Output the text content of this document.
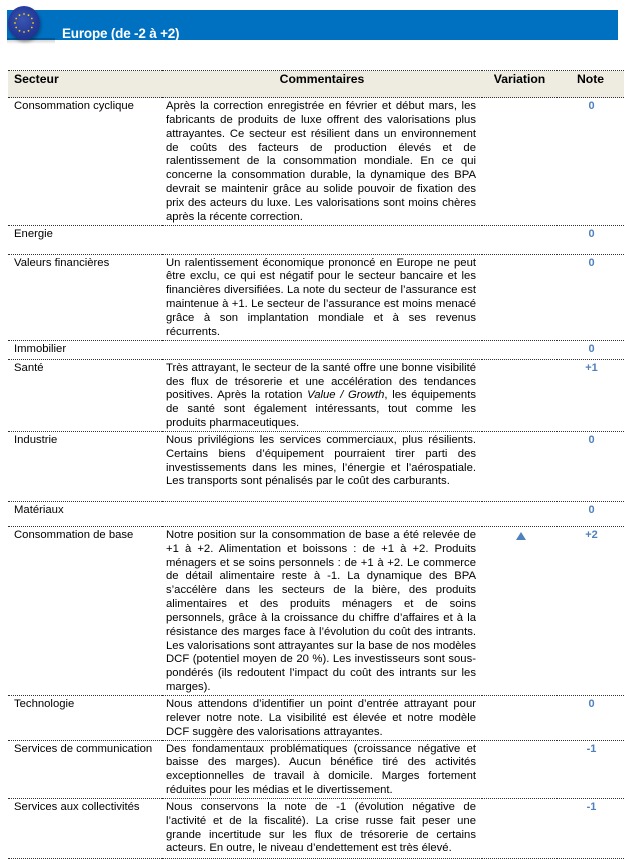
Europe (de -2 à +2)
Secteur	Commentaires	Variation	Note
Consommation cyclique	Après la correction enregistrée en février et début mars, les fabricants de produits de luxe offrent des valorisations plus attrayantes. Ce secteur est résilient dans un environnement de coûts des facteurs de production élevés et de ralentissement de la consommation mondiale. En ce qui concerne la consommation durable, la dynamique des BPA devrait se maintenir grâce au solide pouvoir de fixation des prix des acteurs du luxe. Les valorisations sont moins chères après la récente correction.		0
Energie			0
Valeurs financières	Un ralentissement économique prononcé en Europe ne peut être exclu, ce qui est négatif pour le secteur bancaire et les financières diversifiées. La note du secteur de l’assurance est maintenue à +1. Le secteur de l’assurance est moins menacé grâce à son implantation mondiale et à ses revenus récurrents.		0
Immobilier			0
Santé	Très attrayant, le secteur de la santé offre une bonne visibilité des flux de trésorerie et une accélération des tendances positives. Après la rotation Value / Growth, les équipements de santé sont également intéressants, tout comme les produits pharmaceutiques.		+1
Industrie	Nous privilégions les services commerciaux, plus résilients. Certains biens d’équipement pourraient tirer parti des investissements dans les mines, l’énergie et l’aérospatiale. Les transports sont pénalisés par le coût des carburants.		0
Matériaux			0
Consommation de base	Notre position sur la consommation de base a été relevée de +1 à +2. Alimentation et boissons : de +1 à +2. Produits ménagers et se soins personnels : de +1 à +2. Le commerce de détail alimentaire reste à -1. La dynamique des BPA s’accélère dans les secteurs de la bière, des produits alimentaires et des produits ménagers et de soins personnels, grâce à la croissance du chiffre d’affaires et à la résistance des marges face à l’évolution du coût des intrants. Les valorisations sont attrayantes sur la base de nos modèles DCF (potentiel moyen de 20 %). Les investisseurs sont sous-pondérés (ils redoutent l’impact du coût des intrants sur les marges).		+2
Technologie	Nous attendons d’identifier un point d’entrée attrayant pour relever notre note. La visibilité est élevée et notre modèle DCF suggère des valorisations attrayantes.		0
Services de communication	Des fondamentaux problématiques (croissance négative et baisse des marges). Aucun bénéfice tiré des activités exceptionnelles de travail à domicile. Marges fortement réduites pour les médias et le divertissement.		-1
Services aux collectivités	Nous conservons la note de -1 (évolution négative de l’activité et de la fiscalité). La crise russe fait peser une grande incertitude sur les flux de trésorerie de certains acteurs. En outre, le niveau d’endettement est très élevé.		-1
